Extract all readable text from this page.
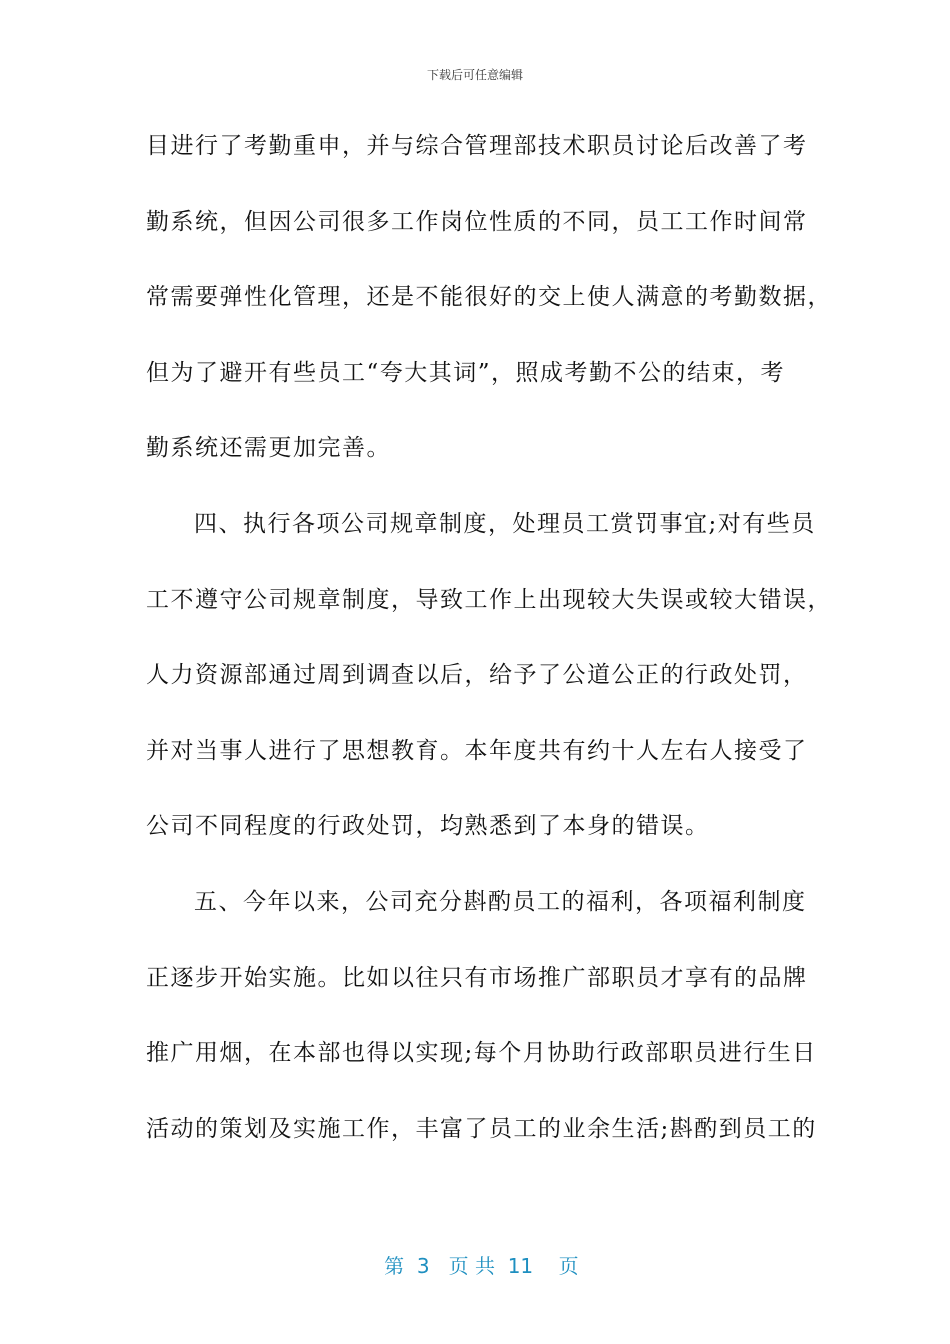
下载后可任意编辑
目进行了考勤重申，并与综合管理部技术职员讨论后改善了考
勤系统，但因公司很多工作岗位性质的不同，员工工作时间常
常需要弹性化管理，还是不能很好的交上使人满意的考勤数据，
但为了避开有些员工“夸大其词”，照成考勤不公的结束，考
勤系统还需更加完善。
四、执行各项公司规章制度，处理员工赏罚事宜;对有些员
工不遵守公司规章制度，导致工作上出现较大失误或较大错误，
人力资源部通过周到调查以后，给予了公道公正的行政处罚，
并对当事人进行了思想教育。本年度共有约十人左右人接受了
公司不同程度的行政处罚，均熟悉到了本身的错误。
五、今年以来，公司充分斟酌员工的福利，各项福利制度
正逐步开始实施。比如以往只有市场推广部职员才享有的品牌
推广用烟，在本部也得以实现;每个月协助行政部职员进行生日
活动的策划及实施工作，丰富了员工的业余生活;斟酌到员工的

第  3   页 共  11    页
